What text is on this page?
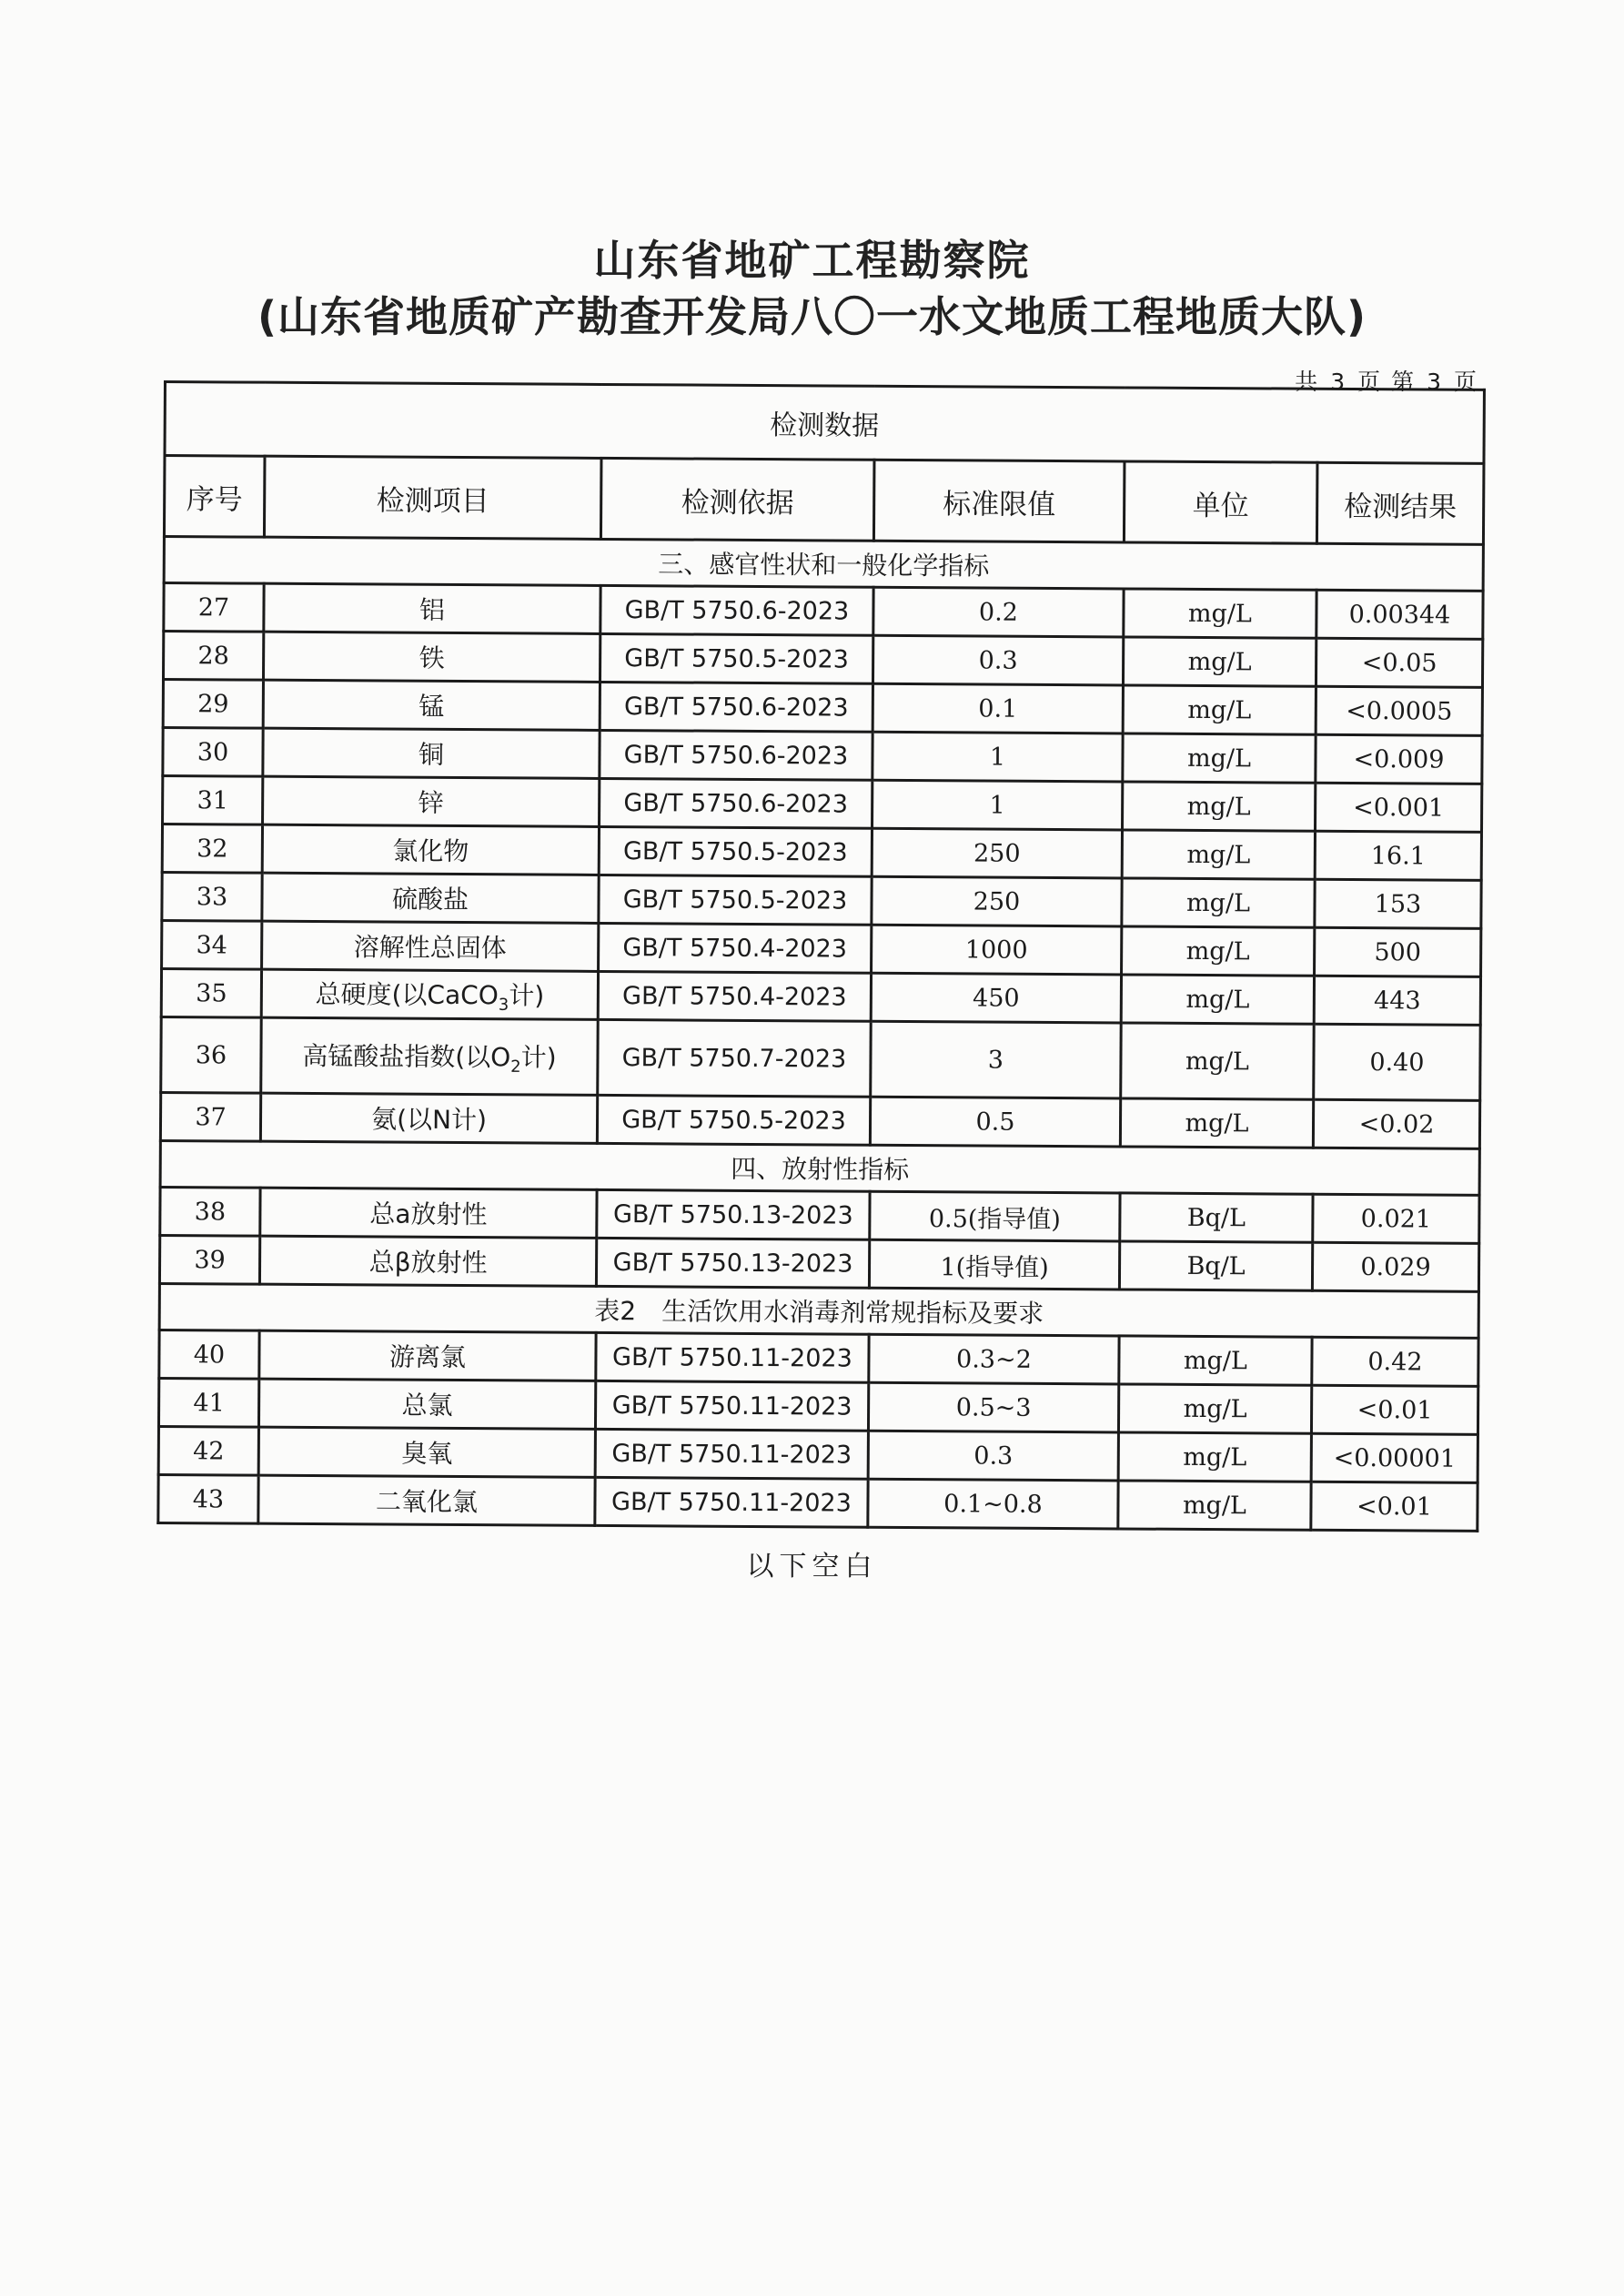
山东省地矿工程勘察院
(山东省地质矿产勘查开发局八〇一水文地质工程地质大队)
共 3 页 第 3 页
检测数据					
序号	检测项目	检测依据	标准限值	单位	检测结果
三、感官性状和一般化学指标					
27	铝	GB/T 5750.6-2023	0.2	mg/L	0.00344
28	铁	GB/T 5750.5-2023	0.3	mg/L	<0.05
29	锰	GB/T 5750.6-2023	0.1	mg/L	<0.0005
30	铜	GB/T 5750.6-2023	1	mg/L	<0.009
31	锌	GB/T 5750.6-2023	1	mg/L	<0.001
32	氯化物	GB/T 5750.5-2023	250	mg/L	16.1
33	硫酸盐	GB/T 5750.5-2023	250	mg/L	153
34	溶解性总固体	GB/T 5750.4-2023	1000	mg/L	500
35	总硬度(以CaCO$_3$计)	GB/T 5750.4-2023	450	mg/L	443
36	高锰酸盐指数(以$O_2$计)	GB/T 5750.7-2023	3	mg/L	0.40
37	氨(以N计)	GB/T 5750.5-2023	0.5	mg/L	<0.02
四、放射性指标					
38	总a放射性	GB/T 5750.13-2023	0.5(指导值)	Bq/L	0.021
39	总β放射性	GB/T 5750.13-2023	1(指导值)	Bq/L	0.029
表2　生活饮用水消毒剂常规指标及要求					
40	游离氯	GB/T 5750.11-2023	0.3~2	mg/L	0.42
41	总氯	GB/T 5750.11-2023	0.5~3	mg/L	<0.01
42	臭氧	GB/T 5750.11-2023	0.3	mg/L	<0.00001
43	二氧化氯	GB/T 5750.11-2023	0.1~0.8	mg/L	<0.01
以下空白
